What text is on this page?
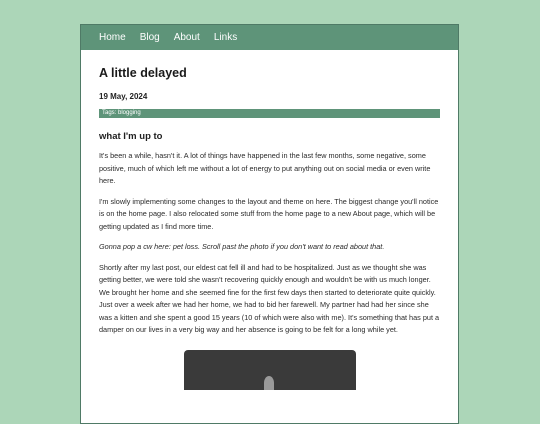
Home Blog About Links
A little delayed
19 May, 2024
Tags: blogging
what I'm up to

It's been a while, hasn't it. A lot of things have happened in the last few months, some negative, some positive, much of which left me without a lot of energy to put anything out on social media or even write here.

I'm slowly implementing some changes to the layout and theme on here. The biggest change you'll notice is on the home page. I also relocated some stuff from the home page to a new About page, which will be getting updated as I find more time.

Gonna pop a cw here: pet loss. Scroll past the photo if you don't want to read about that.

Shortly after my last post, our eldest cat fell ill and had to be hospitalized. Just as we thought she was getting better, we were told she wasn't recovering quickly enough and wouldn't be with us much longer. We brought her home and she seemed fine for the first few days then started to deteriorate quite quickly. Just over a week after we had her home, we had to bid her farewell. My partner had had her since she was a kitten and she spent a good 15 years (10 of which were also with me). It's something that has put a damper on our lives in a very big way and her absence is going to be felt for a long while yet.
